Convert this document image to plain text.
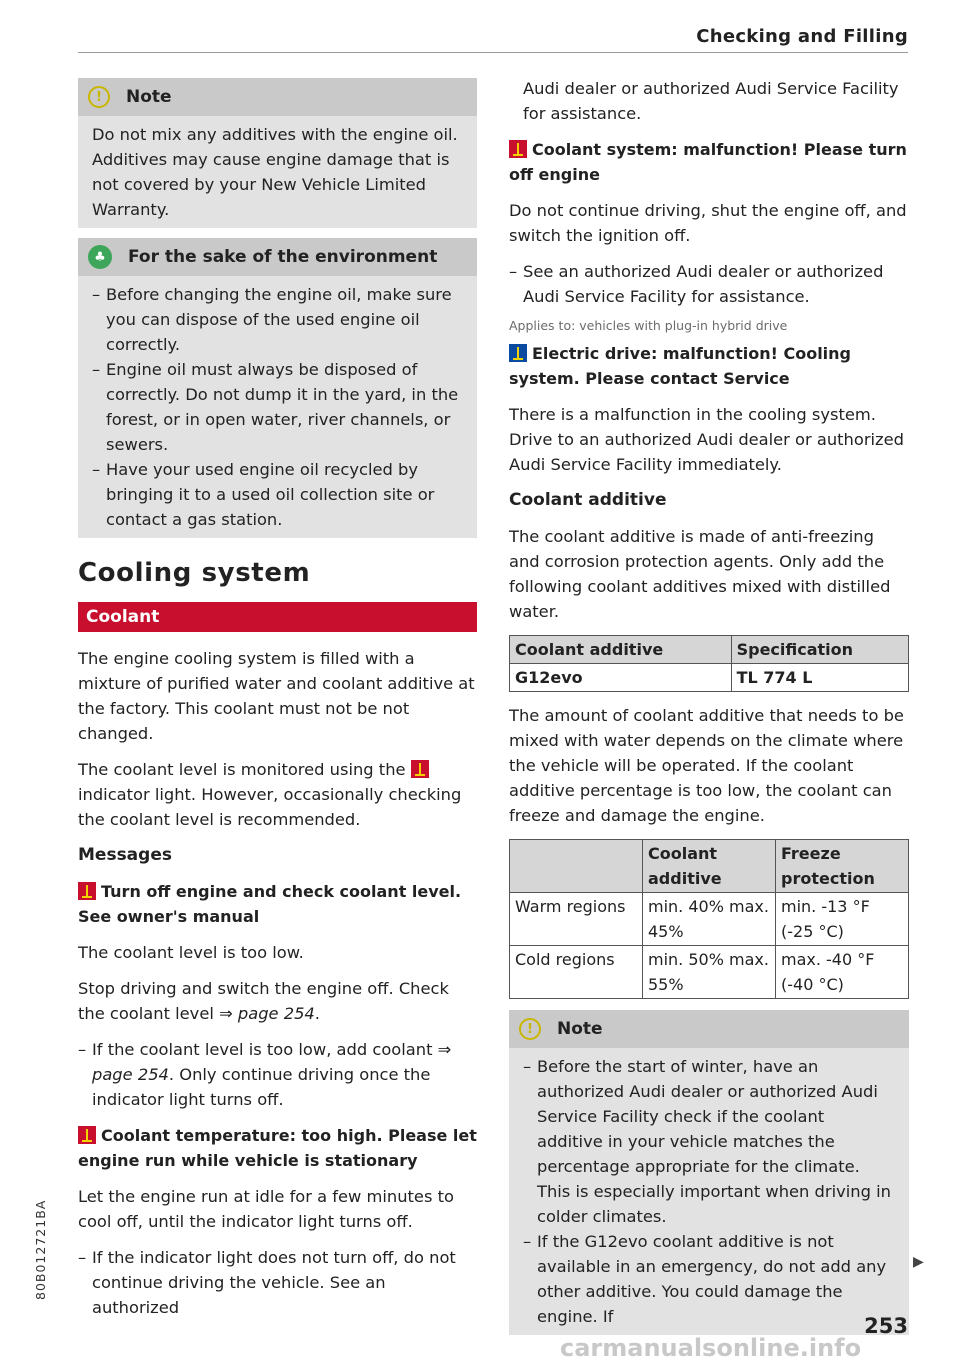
Checking and Filling
!	Note

Do not mix any additives with the engine oil. Additives may cause engine damage that is not covered by your New Vehicle Limited Warranty.

♣	For the sake of the environment

– Before changing the engine oil, make sure you can dispose of the used engine oil correctly.

– Engine oil must always be disposed of correctly. Do not dump it in the yard, in the forest, or in open water, river channels, or sewers.

– Have your used engine oil recycled by bringing it to a used oil collection site or contact a gas station.

Cooling system
Coolant

The engine cooling system is filled with a mixture of purified water and coolant additive at the factory. This coolant must not be not changed.

The coolant level is monitored using the
indicator light. However, occasionally checking the coolant level is recommended.

Messages

Turn off engine and check coolant level. See owner's manual

The coolant level is too low.

Stop driving and switch the engine off. Check the coolant level ⇒ page 254.

– If the coolant level is too low, add coolant ⇒ page 254. Only continue driving once the indicator light turns off.

Coolant temperature: too high. Please let engine run while vehicle is stationary

Let the engine run at idle for a few minutes to cool off, until the indicator light turns off.

– If the indicator light does not turn off, do not continue driving the vehicle. See an authorized

Audi dealer or authorized Audi Service Facility for assistance.

Coolant system: malfunction! Please turn off engine

Do not continue driving, shut the engine off, and switch the ignition off.

– See an authorized Audi dealer or authorized Audi Service Facility for assistance.

Applies to: vehicles with plug-in hybrid drive

Electric drive: malfunction! Cooling system. Please contact Service

There is a malfunction in the cooling system. Drive to an authorized Audi dealer or authorized Audi Service Facility immediately.

Coolant additive

The coolant additive is made of anti-freezing and corrosion protection agents. Only add the following coolant additives mixed with distilled water.

Coolant additive	Specification
G12evo	TL 774 L

The amount of coolant additive that needs to be mixed with water depends on the climate where the vehicle will be operated. If the coolant additive percentage is too low, the coolant can freeze and damage the engine.

	Coolant additive	Freeze protection
Warm regions	min. 40% max. 45%	min. -13 °F (-25 °C)
Cold regions	min. 50% max. 55%	max. -40 °F (-40 °C)
!	Note

– Before the start of winter, have an authorized Audi dealer or authorized Audi Service Facility check if the coolant additive in your vehicle matches the percentage appropriate for the climate. This is especially important when driving in colder climates.

– If the G12evo coolant additive is not available in an emergency, do not add any other additive. You could damage the engine. If

▶
253
80B012721BA
carmanualsonline.info
